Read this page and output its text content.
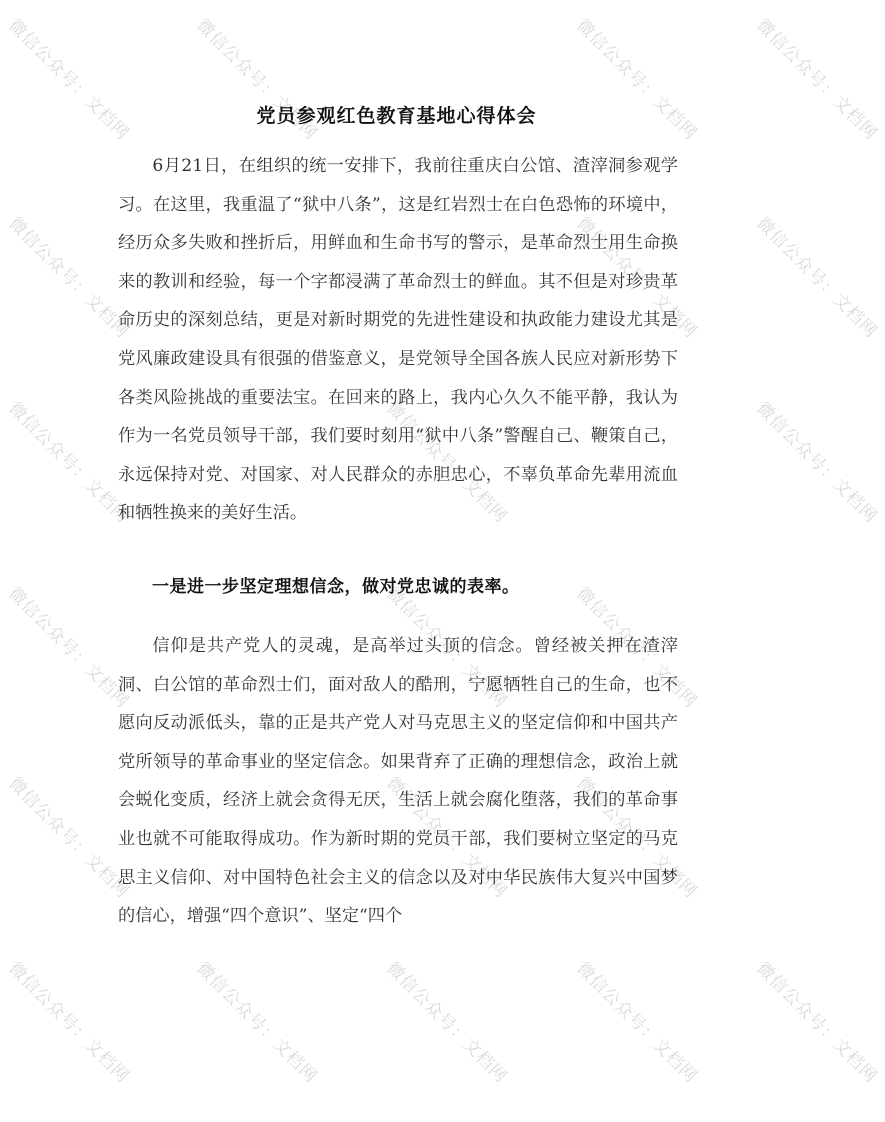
微信公众号：文档网	微信公众号：文档网	微信公众号：文档网	微信公众号：文档网
微信公众号：文档网	微信公众号：文档网	微信公众号：文档网
微信公众号：文档网	微信公众号：文档网	微信公众号：文档网
微信公众号：文档网	微信公众号：文档网	微信公众号：文档网
微信公众号：文档网	微信公众号：文档网	微信公众号：文档网
微信公众号：文档网	微信公众号：文档网	微信公众号：文档网	微信公众号：文档网	微信公众号：文档网
党员参观红色教育基地心得体会

6月21日，在组织的统一安排下，我前往重庆白公馆、渣滓洞参观学习。在这里，我重温了“狱中八条”，这是红岩烈士在白色恐怖的环境中，经历众多失败和挫折后，用鲜血和生命书写的警示，是革命烈士用生命换来的教训和经验，每一个字都浸满了革命烈士的鲜血。其不但是对珍贵革命历史的深刻总结，更是对新时期党的先进性建设和执政能力建设尤其是党风廉政建设具有很强的借鉴意义，是党领导全国各族人民应对新形势下各类风险挑战的重要法宝。在回来的路上，我内心久久不能平静，我认为作为一名党员领导干部，我们要时刻用“狱中八条”警醒自己、鞭策自己，永远保持对党、对国家、对人民群众的赤胆忠心，不辜负革命先辈用流血和牺牲换来的美好生活。

一是进一步坚定理想信念，做对党忠诚的表率。

信仰是共产党人的灵魂，是高举过头顶的信念。曾经被关押在渣滓洞、白公馆的革命烈士们，面对敌人的酷刑，宁愿牺牲自己的生命，也不愿向反动派低头，靠的正是共产党人对马克思主义的坚定信仰和中国共产党所领导的革命事业的坚定信念。如果背弃了正确的理想信念，政治上就会蜕化变质，经济上就会贪得无厌，生活上就会腐化堕落，我们的革命事业也就不可能取得成功。作为新时期的党员干部，我们要树立坚定的马克思主义信仰、对中国特色社会主义的信念以及对中华民族伟大复兴中国梦的信心，增强“四个意识”、坚定“四个
